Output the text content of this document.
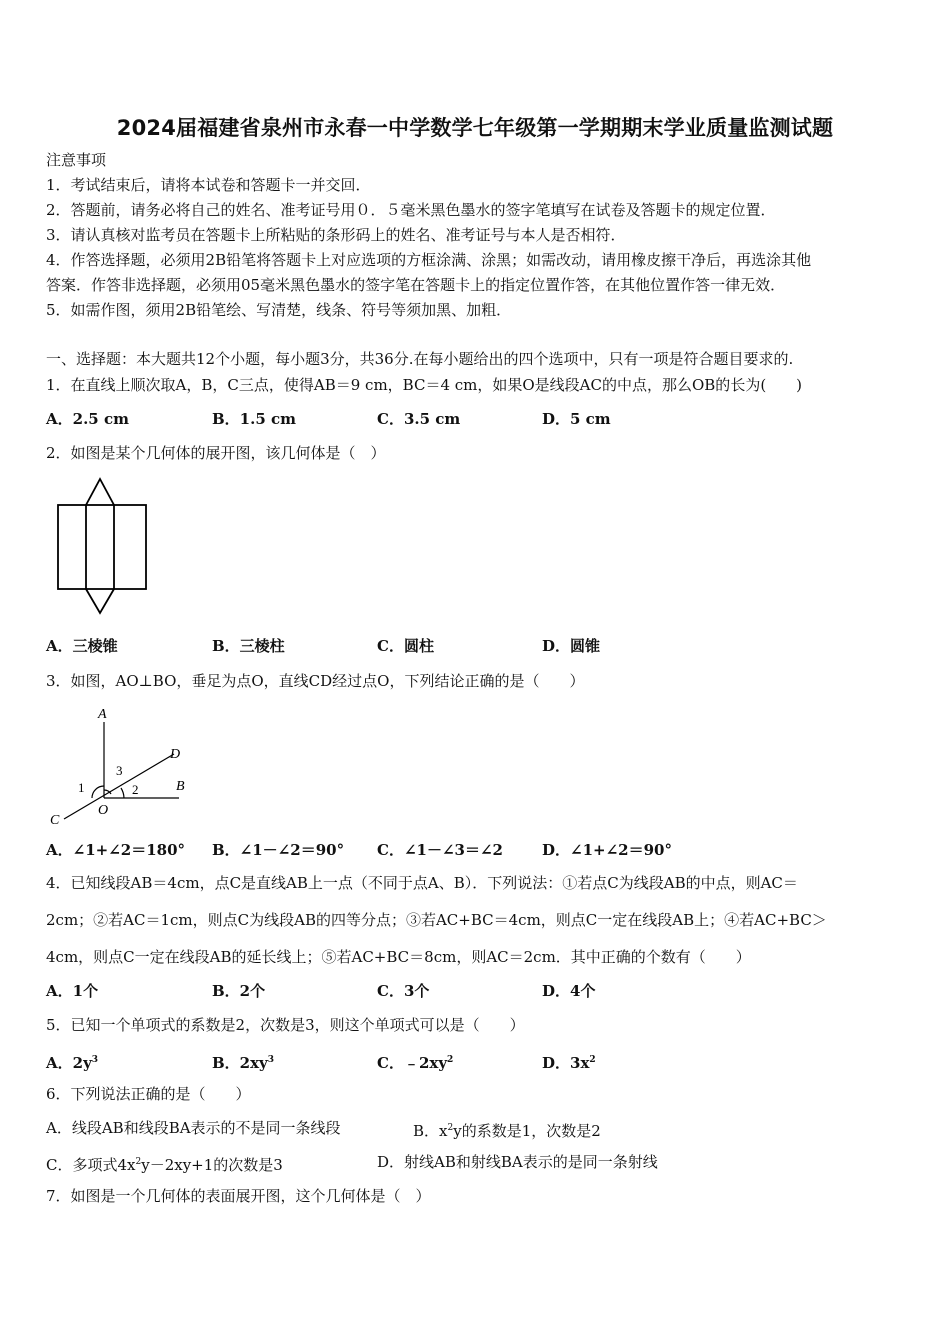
2024届福建省泉州市永春一中学数学七年级第一学期期末学业质量监测试题
注意事项
1．考试结束后，请将本试卷和答题卡一并交回．
2．答题前，请务必将自己的姓名、准考证号用０．５毫米黑色墨水的签字笔填写在试卷及答题卡的规定位置．
3．请认真核对监考员在答题卡上所粘贴的条形码上的姓名、准考证号与本人是否相符．
4．作答选择题，必须用2B铅笔将答题卡上对应选项的方框涂满、涂黑；如需改动，请用橡皮擦干净后，再选涂其他
答案．作答非选择题，必须用05毫米黑色墨水的签字笔在答题卡上的指定位置作答，在其他位置作答一律无效．
5．如需作图，须用2B铅笔绘、写清楚，线条、符号等须加黑、加粗．
一、选择题：本大题共12个小题，每小题3分，共36分.在每小题给出的四个选项中，只有一项是符合题目要求的.
1．在直线上顺次取A，B，C三点，使得AB＝9 cm，BC＝4 cm，如果O是线段AC的中点，那么OB的长为(　　)
A．2.5 cm	B．1.5 cm	C．3.5 cm	D．5 cm
2．如图是某个几何体的展开图，该几何体是（　）
A．三棱锥	B．三棱柱	C．圆柱	D．圆锥
3．如图，AO⊥BO，垂足为点O，直线CD经过点O，下列结论正确的是（　　）
A
D
B
C
O
1	2
3
A．∠1+∠2＝180° B．∠1－∠2＝90° C．∠1－∠3＝∠2	D．∠1+∠2＝90°
4．已知线段AB＝4cm，点C是直线AB上一点（不同于点A、B）．下列说法：①若点C为线段AB的中点，则AC＝
2cm；②若AC＝1cm，则点C为线段AB的四等分点；③若AC+BC＝4cm，则点C一定在线段AB上；④若AC+BC＞
4cm，则点C一定在线段AB的延长线上；⑤若AC+BC＝8cm，则AC＝2cm．其中正确的个数有（　　）
A．1个	B．2个	C．3个	D．4个
5．已知一个单项式的系数是2，次数是3，则这个单项式可以是（　　）
A．$2y^3$	B．$2xy^3$	C．$﹣2xy^2$	D．$3x^2$
6．下列说法正确的是（　　）
A．线段AB和线段BA表示的不是同一条线段	B．$x^2y$的系数是1，次数是2
C．多项式$4x^2y-2xy+1$的次数是3	D．射线AB和射线BA表示的是同一条射线
7．如图是一个几何体的表面展开图，这个几何体是（　）
